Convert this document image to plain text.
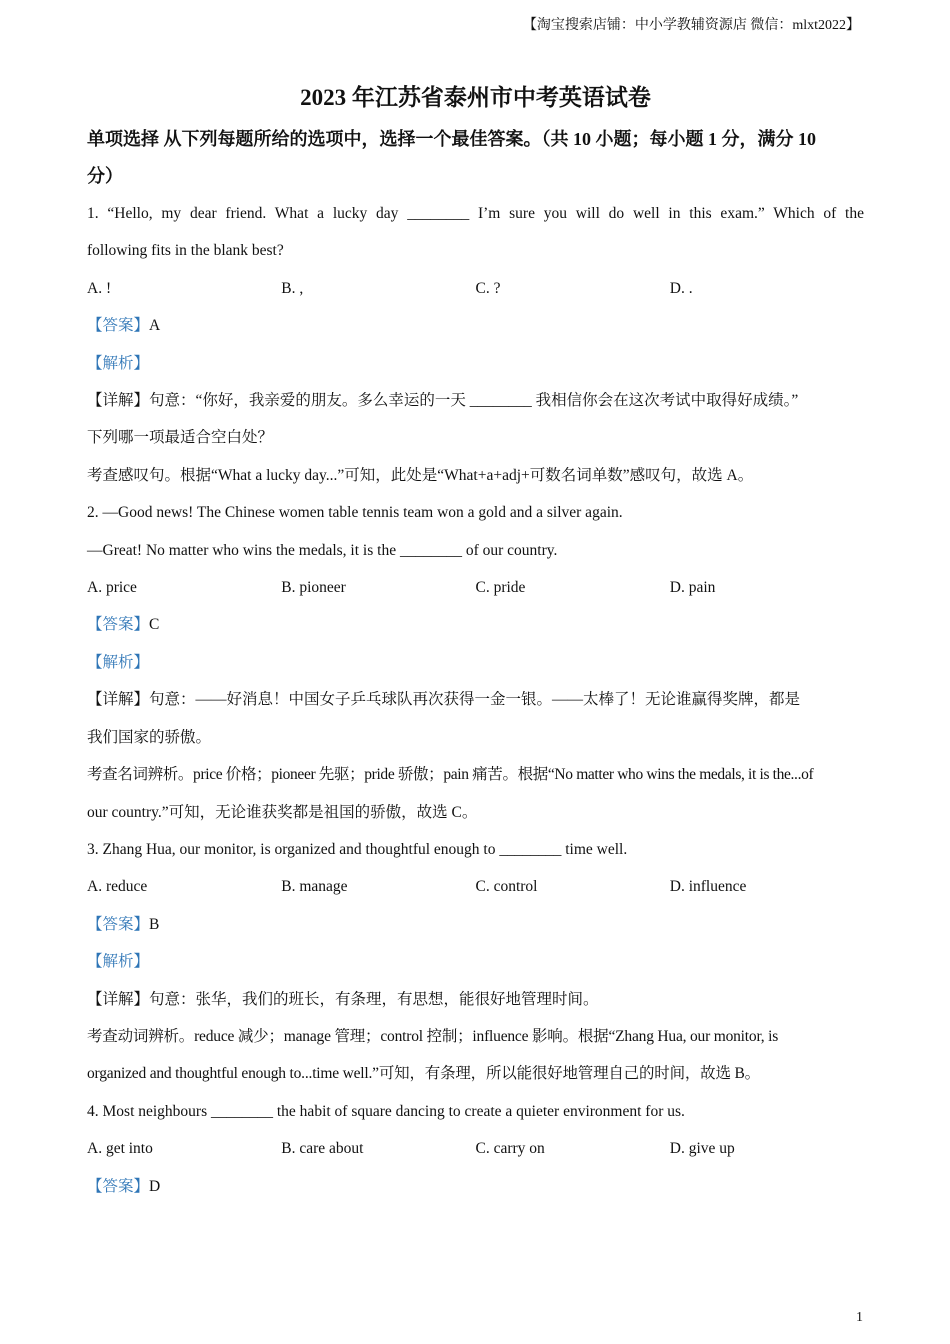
【淘宝搜索店铺：中小学教辅资源店 微信：mlxt2022】
2023 年江苏省泰州市中考英语试卷

单项选择 从下列每题所给的选项中，选择一个最佳答案。（共 10 小题；每小题 1 分，满分 10
分）

1. “Hello, my dear friend. What a lucky day ________ I’m sure you will do well in this exam.” Which of the

following fits in the blank best?

A. !	B. ,	C. ?	D. .

【答案】A

【解析】

【详解】句意：“你好，我亲爱的朋友。多么幸运的一天 ________ 我相信你会在这次考试中取得好成绩。”

下列哪一项最适合空白处？

考查感叹句。根据“What a lucky day...”可知，此处是“What+a+adj+可数名词单数”感叹句，故选 A。

2. —Good news! The Chinese women table tennis team won a gold and a silver again.

—Great! No matter who wins the medals, it is the ________ of our country.

A. price	B. pioneer	C. pride	D. pain

【答案】C

【解析】

【详解】句意：——好消息！中国女子乒乓球队再次获得一金一银。——太棒了！无论谁赢得奖牌，都是

我们国家的骄傲。

考查名词辨析。price 价格；pioneer 先驱；pride 骄傲；pain 痛苦。根据“No matter who wins the medals, it is the...of

our country.”可知，无论谁获奖都是祖国的骄傲，故选 C。

3. Zhang Hua, our monitor, is organized and thoughtful enough to ________ time well.

A. reduce	B. manage	C. control	D. influence

【答案】B

【解析】

【详解】句意：张华，我们的班长，有条理，有思想，能很好地管理时间。

考查动词辨析。reduce 减少；manage 管理；control 控制；influence 影响。根据“Zhang Hua, our monitor, is

organized and thoughtful enough to...time well.”可知，有条理，所以能很好地管理自己的时间，故选 B。

4. Most neighbours ________ the habit of square dancing to create a quieter environment for us.

A. get into	B. care about	C. carry on	D. give up

【答案】D

1
